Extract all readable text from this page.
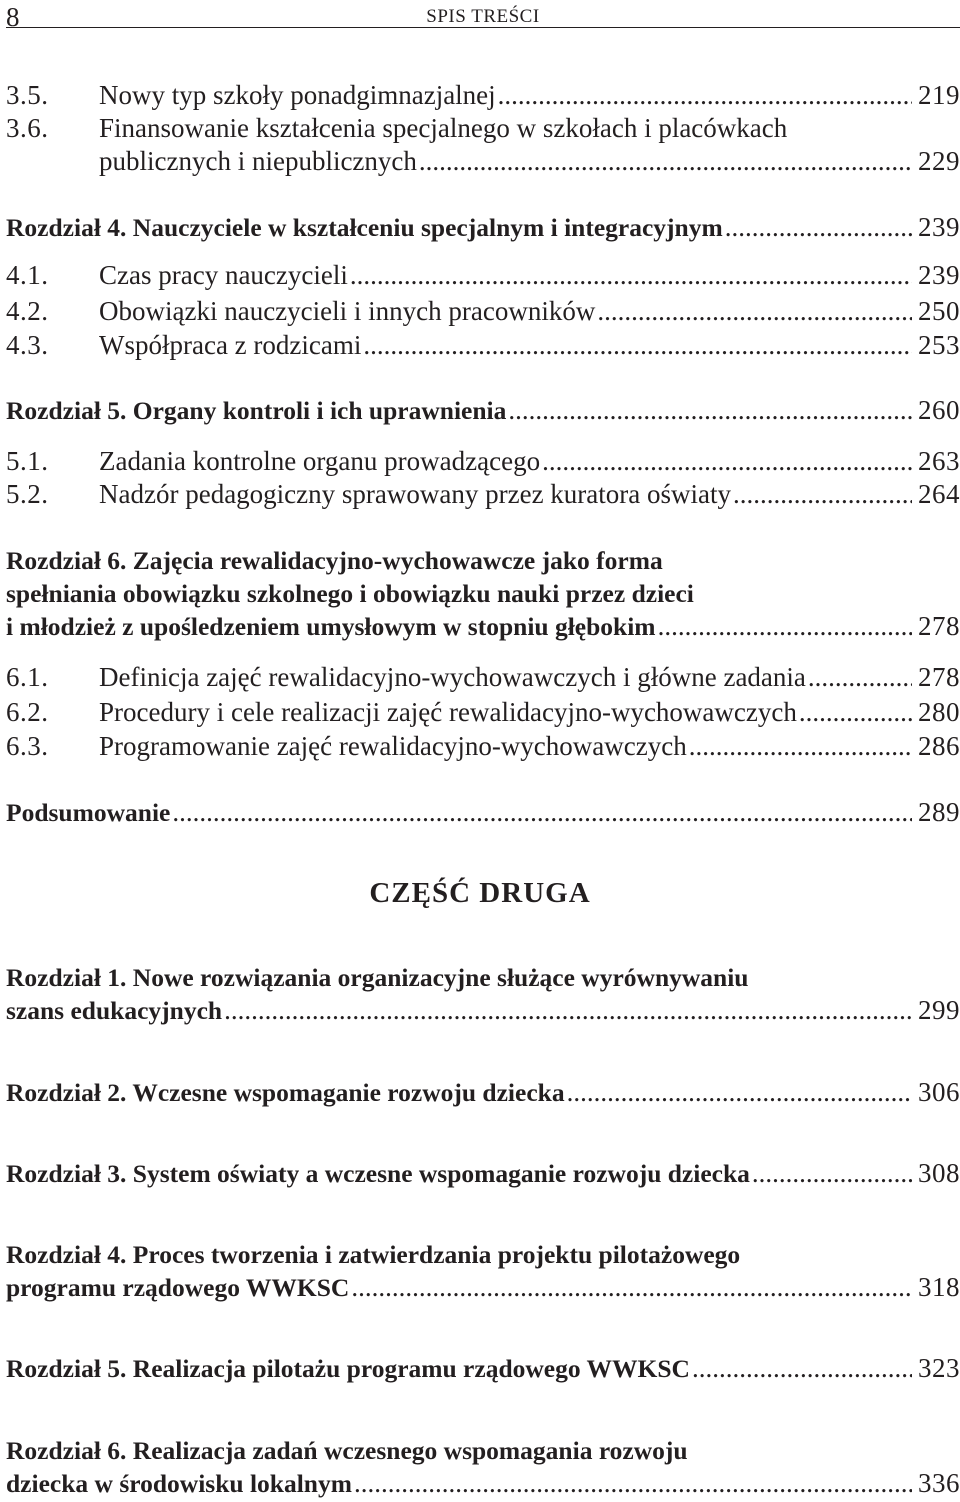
8	SPIS TREŚCI
3.5.	Nowy typ szkoły ponadgimnazjalnej .....	219
3.6. Finansowanie kształcenia specjalnego w szkołach i placówkach
publicznych i niepublicznych .....	229
Rozdział 4. Nauczyciele w kształceniu specjalnym i integracyjnym .....	239
4.1.	Czas pracy nauczycieli .....	239
4.2.	Obowiązki nauczycieli i innych pracowników .....	250
4.3.	Współpraca z rodzicami .....	253
Rozdział 5. Organy kontroli i ich uprawnienia .....	260
5.1.	Zadania kontrolne organu prowadzącego .....	263
5.2.	Nadzór pedagogiczny sprawowany przez kuratora oświaty .....	264
Rozdział 6. Zajęcia rewalidacyjno-wychowawcze jako forma
spełniania obowiązku szkolnego i obowiązku nauki przez dzieci
i młodzież z upośledzeniem umysłowym w stopniu głębokim .....	278
6.1.	Definicja zajęć rewalidacyjno-wychowawczych i główne zadania .....	278
6.2.	Procedury i cele realizacji zajęć rewalidacyjno-wychowawczych .....	280
6.3.	Programowanie zajęć rewalidacyjno-wychowawczych .....	286
Podsumowanie .....	289
Rozdział 1. Nowe rozwiązania organizacyjne służące wyrównywaniu
szans edukacyjnych .....	299
Rozdział 2. Wczesne wspomaganie rozwoju dziecka .....	306
Rozdział 3. System oświaty a wczesne wspomaganie rozwoju dziecka .....	308
Rozdział 4. Proces tworzenia i zatwierdzania projektu pilotażowego
programu rządowego WWKSC .....	318
Rozdział 5. Realizacja pilotażu programu rządowego WWKSC .....	323
Rozdział 6. Realizacja zadań wczesnego wspomagania rozwoju
dziecka w środowisku lokalnym .....	336
CZĘŚĆ DRUGA
